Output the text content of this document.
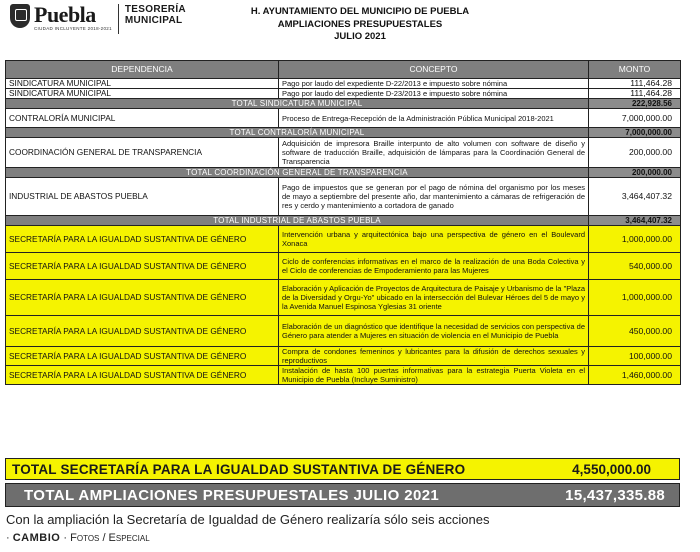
Puebla
CIUDAD INCLUYENTE 2018-2021
TESORERÍA
MUNICIPAL
H. AYUNTAMIENTO DEL MUNICIPIO DE PUEBLA
AMPLIACIONES PRESUPUESTALES
JULIO 2021
DEPENDENCIA	CONCEPTO	MONTO
SINDICATURA MUNICIPAL	Pago por laudo del expediente D-22/2013 e impuesto sobre nómina	111,464.28
SINDICATURA MUNICIPAL	Pago por laudo del expediente D-23/2013 e impuesto sobre nómina	111,464.28
TOTAL SINDICATURA MUNICIPAL		222,928.56
CONTRALORÍA MUNICIPAL	Proceso de Entrega-Recepción de la Administración Pública Municipal 2018-2021	7,000,000.00
TOTAL CONTRALORÍA MUNICIPAL		7,000,000.00
COORDINACIÓN GENERAL DE TRANSPARENCIA	Adquisición de impresora Braille interpunto de alto volumen con software de diseño y software de traducción Braille, adquisición de lámparas para la Coordinación General de Transparencia	200,000.00
TOTAL COORDINACIÓN GENERAL DE TRANSPARENCIA		200,000.00
INDUSTRIAL DE ABASTOS PUEBLA	Pago de impuestos que se generan por el pago de nómina del organismo por los meses de mayo a septiembre del presente año, dar mantenimiento a cámaras de refrigeración de res y cerdo y mantenimiento a cortadora de ganado	3,464,407.32
TOTAL INDUSTRIAL DE ABASTOS PUEBLA		3,464,407.32
SECRETARÍA PARA LA IGUALDAD SUSTANTIVA DE GÉNERO	Intervención urbana y arquitectónica bajo una perspectiva de género en el Boulevard Xonaca	1,000,000.00
SECRETARÍA PARA LA IGUALDAD SUSTANTIVA DE GÉNERO	Ciclo de conferencias informativas en el marco de la realización de una Boda Colectiva y el Ciclo de conferencias de Empoderamiento para las Mujeres	540,000.00
SECRETARÍA PARA LA IGUALDAD SUSTANTIVA DE GÉNERO	Elaboración y Aplicación de Proyectos de Arquitectura de Paisaje y Urbanismo de la "Plaza de la Diversidad y Orgu-Yo" ubicado en la intersección del Bulevar Héroes del 5 de mayo y la Avenida Manuel Espinosa Yglesias 31 oriente	1,000,000.00
SECRETARÍA PARA LA IGUALDAD SUSTANTIVA DE GÉNERO	Elaboración de un diagnóstico que identifique la necesidad de servicios con perspectiva de Género para atender a Mujeres en situación de violencia en el Municipio de Puebla	450,000.00
SECRETARÍA PARA LA IGUALDAD SUSTANTIVA DE GÉNERO	Compra de condones femeninos y lubricantes para la difusión de derechos sexuales y reproductivos	100,000.00
SECRETARÍA PARA LA IGUALDAD SUSTANTIVA DE GÉNERO	Instalación de hasta 100 puertas informativas para la estrategia Puerta Violeta en el Municipio de Puebla (Incluye Suministro)	1,460,000.00
TOTAL SECRETARÍA PARA LA IGUALDAD SUSTANTIVA DE GÉNERO	4,550,000.00
TOTAL AMPLIACIONES PRESUPUESTALES JULIO 2021	15,437,335.88
Con la ampliación la Secretaría de Igualdad de Género realizaría sólo seis acciones
· CAMBIO · Fotos / Especial
